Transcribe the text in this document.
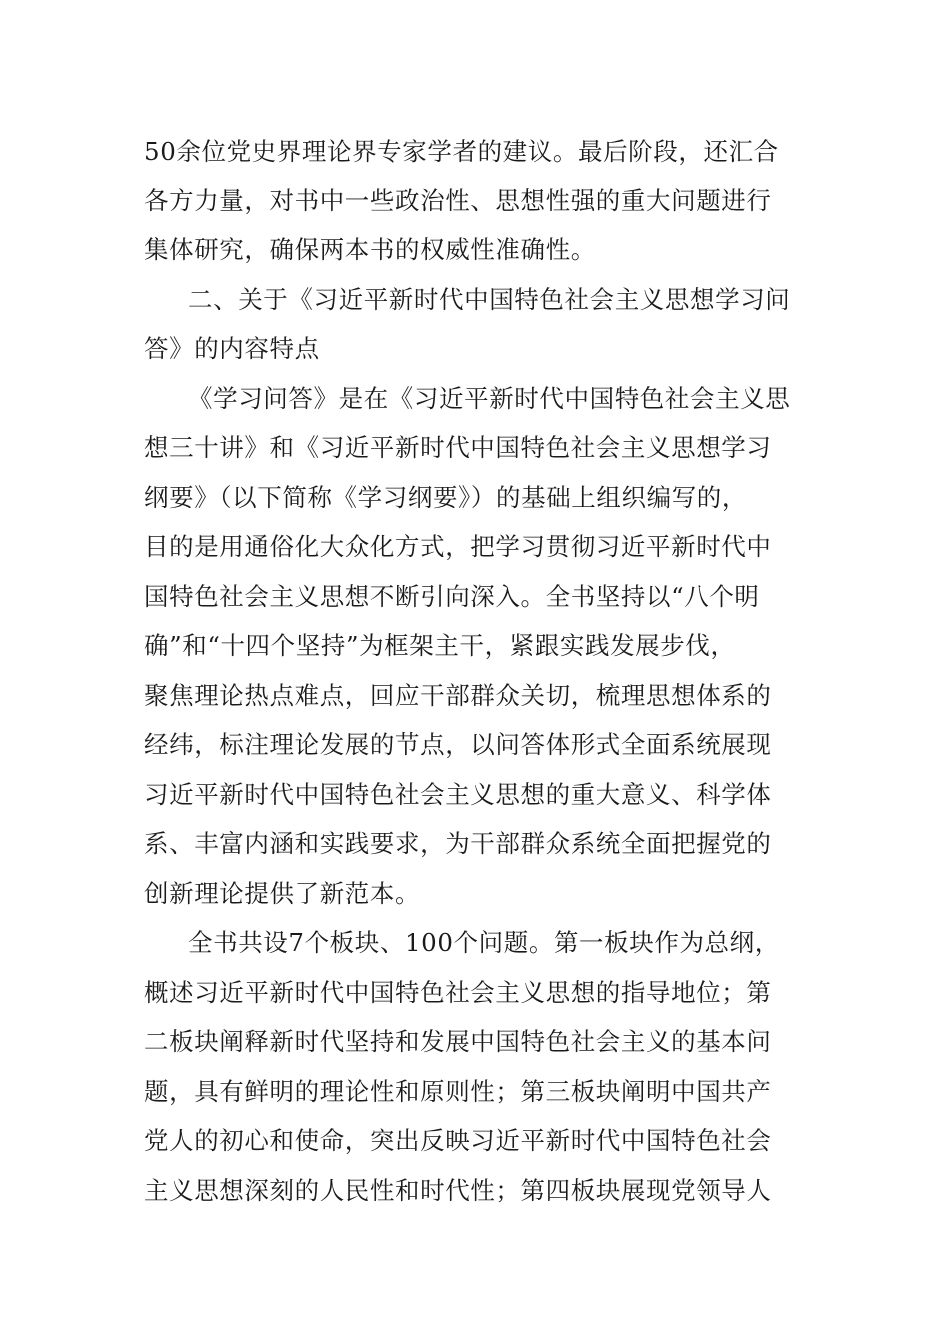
50余位党史界理论界专家学者的建议。最后阶段，还汇合
各方力量，对书中一些政治性、思想性强的重大问题进行
集体研究，确保两本书的权威性准确性。
二、关于《习近平新时代中国特色社会主义思想学习问
答》的内容特点
《学习问答》是在《习近平新时代中国特色社会主义思
想三十讲》和《习近平新时代中国特色社会主义思想学习
纲要》（以下简称《学习纲要》）的基础上组织编写的，
目的是用通俗化大众化方式，把学习贯彻习近平新时代中
国特色社会主义思想不断引向深入。全书坚持以“八个明
确”和“十四个坚持”为框架主干，紧跟实践发展步伐，
聚焦理论热点难点，回应干部群众关切，梳理思想体系的
经纬，标注理论发展的节点，以问答体形式全面系统展现
习近平新时代中国特色社会主义思想的重大意义、科学体
系、丰富内涵和实践要求，为干部群众系统全面把握党的
创新理论提供了新范本。
全书共设7个板块、100个问题。第一板块作为总纲，
概述习近平新时代中国特色社会主义思想的指导地位；第
二板块阐释新时代坚持和发展中国特色社会主义的基本问
题，具有鲜明的理论性和原则性；第三板块阐明中国共产
党人的初心和使命，突出反映习近平新时代中国特色社会
主义思想深刻的人民性和时代性；第四板块展现党领导人
